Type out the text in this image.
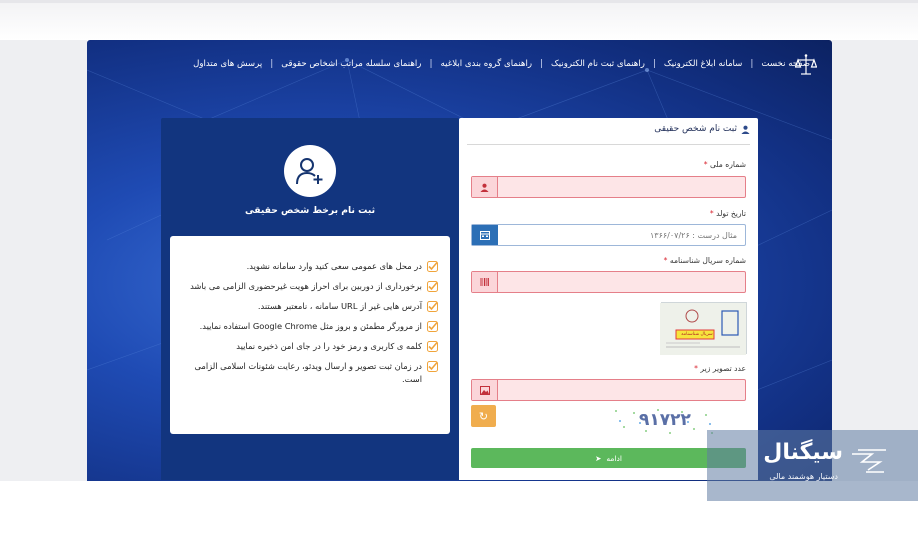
صفحه نخست
|
سامانه ابلاغ الکترونیک
|
راهنمای ثبت نام الکترونیک
|
راهنمای گروه بندی ابلاغیه
|
راهنمای سلسله مراتب اشخاص حقوقی
|
پرسش های متداول
ثبت نام شخص حقیقی
شماره ملی *
تاریخ تولد *
مثال درست : ۱۳۶۶/۰۷/۲۶
شماره سریال شناسنامه *
سریال شناسنامه
عدد تصویر زیر *
↻	۹۱۷۲۲
ادامه
➤
ثبت نام برخط شخص حقیقی
در محل های عمومی سعی کنید وارد سامانه نشوید.
برخورداری از دوربین برای احراز هویت غیرحضوری الزامی می باشد
آدرس هایی غیر از URL سامانه ، نامعتبر هستند.
از مرورگر مطمئن و بروز مثل Google Chrome استفاده نمایید.
کلمه ی کاربری و رمز خود را در جای امن ذخیره نمایید
در زمان ثبت تصویر و ارسال ویدئو، رعایت شئونات اسلامی الزامی است.
سیگنال
دستیار هوشمند مالی
